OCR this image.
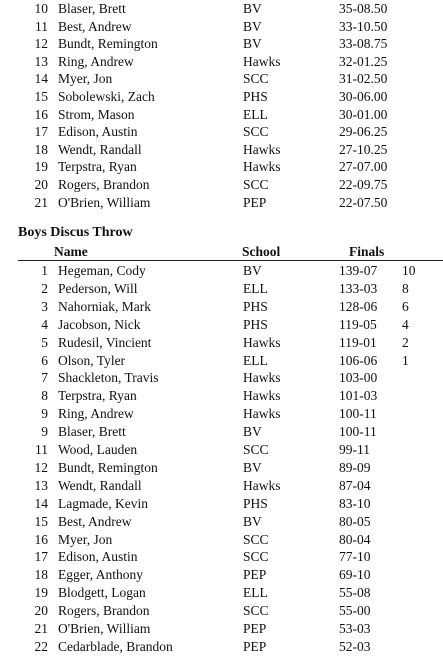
10 Blaser, Brett	BV	35-08.50
11 Best, Andrew	BV	33-10.50
12 Bundt, Remington	BV	33-08.75
13 Ring, Andrew	Hawks	32-01.25
14 Myer, Jon	SCC	31-02.50
15 Sobolewski, Zach	PHS	30-06.00
16 Strom, Mason	ELL	30-01.00
17 Edison, Austin	SCC	29-06.25
18 Wendt, Randall	Hawks	27-10.25
19 Terpstra, Ryan	Hawks	27-07.00
20 Rogers, Brandon	SCC	22-09.75
21 O'Brien, William	PEP	22-07.50
Boys Discus Throw
Name	School	Finals
1 Hegeman, Cody	BV	139-07 10
2 Pederson, Will	ELL	133-03 8
3 Nahorniak, Mark	PHS	128-06 6
4 Jacobson, Nick	PHS	119-05 4
5 Rudesil, Vincient	Hawks	119-01 2
6 Olson, Tyler	ELL	106-06 1
7 Shackleton, Travis	Hawks	103-00
8 Terpstra, Ryan	Hawks	101-03
9 Ring, Andrew	Hawks	100-11
9 Blaser, Brett	BV	100-11
11 Wood, Lauden	SCC	99-11
12 Bundt, Remington	BV	89-09
13 Wendt, Randall	Hawks	87-04
14 Lagmade, Kevin	PHS	83-10
15 Best, Andrew	BV	80-05
16 Myer, Jon	SCC	80-04
17 Edison, Austin	SCC	77-10
18 Egger, Anthony	PEP	69-10
19 Blodgett, Logan	ELL	55-08
20 Rogers, Brandon	SCC	55-00
21 O'Brien, William	PEP	53-03
22 Cedarblade, Brandon	PEP	52-03
